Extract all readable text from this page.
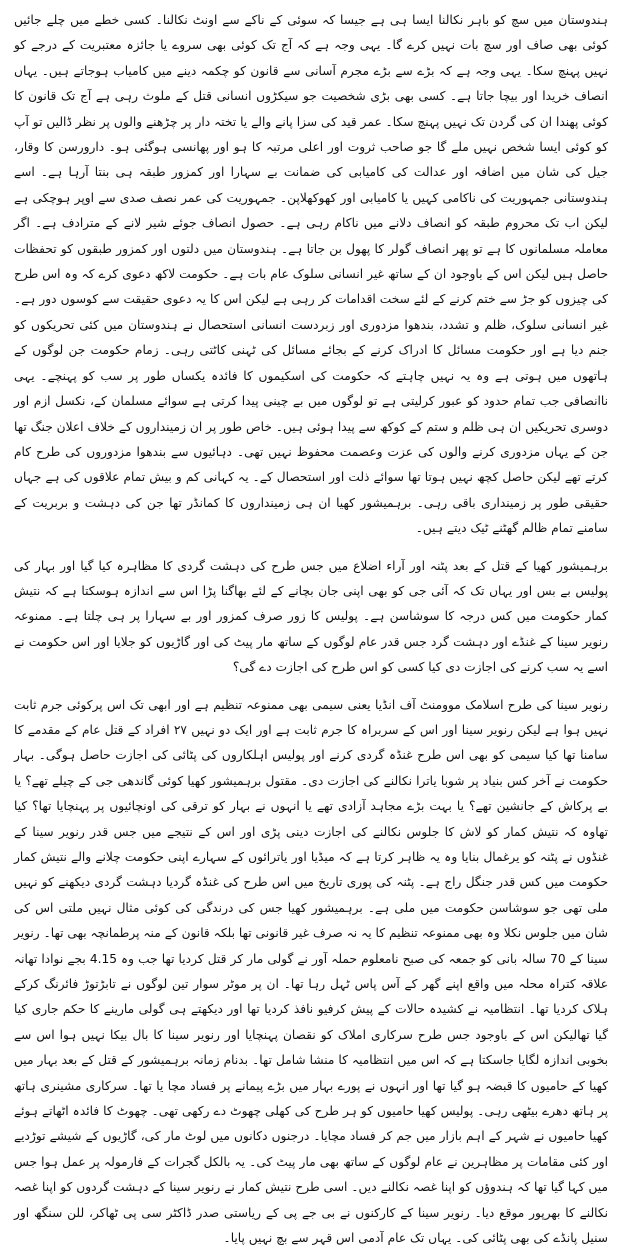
ہندوستان میں سچ کو باہر نکالنا ایسا ہی ہے جیسا کہ سوئی کے ناکے سے اونٹ نکالنا۔ کسی خطے میں چلے جائیں کوئی بھی صاف اور سچ بات نہیں کرے گا۔ یہی وجہ ہے کہ آج تک کوئی بھی سروے یا جائزہ معتبریت کے درجے کو نہیں پہنچ سکا۔ یہی وجہ ہے کہ بڑے سے بڑے مجرم آسانی سے قانون کو چکمہ دینے میں کامیاب ہوجاتے ہیں۔ یہاں انصاف خریدا اور بیچا جاتا ہے۔ کسی بھی بڑی شخصیت جو سیکڑوں انسانی قتل کے ملوث رہی ہے آج تک قانون کا کوئی پھندا ان کی گردن تک نہیں پہنچ سکا۔ عمر قید کی سزا پانے والے یا تختہ دار پر چڑھنے والوں پر نظر ڈالیں تو آپ کو کوئی ایسا شخص نہیں ملے گا جو صاحب ثروت اور اعلی مرتبہ کا ہو اور پھانسی ہوگئی ہو۔ دارورسن کا وقار، جیل کی شان میں اضافہ اور عدالت کی کامیابی کی ضمانت بے سہارا اور کمزور طبقہ ہی بنتا آرہا ہے۔ اسے ہندوستانی جمہوریت کی ناکامی کہیں یا کامیابی اور کھوکھلاپن۔ جمہوریت کی عمر نصف صدی سے اوپر ہوچکی ہے لیکن اب تک محروم طبقہ کو انصاف دلانے میں ناکام رہی ہے۔ حصول انصاف جوئے شیر لانے کے مترادف ہے۔ اگر معاملہ مسلمانوں کا ہے تو پھر انصاف گولر کا پھول بن جاتا ہے۔ ہندوستان میں دلتوں اور کمزور طبقوں کو تحفظات حاصل ہیں لیکن اس کے باوجود ان کے ساتھ غیر انسانی سلوک عام بات ہے۔ حکومت لاکھ دعوی کرے کہ وہ اس طرح کی چیزوں کو جڑ سے ختم کرنے کے لئے سخت اقدامات کر رہی ہے لیکن اس کا یہ دعوی حقیقت سے کوسوں دور ہے۔ غیر انسانی سلوک، ظلم و تشدد، بندھوا مزدوری اور زبردست انسانی استحصال نے ہندوستان میں کئی تحریکوں کو جنم دیا ہے اور حکومت مسائل کا ادراک کرنے کے بجائے مسائل کی ٹہنی کاٹتی رہی۔ زمام حکومت جن لوگوں کے ہاتھوں میں ہوتی ہے وہ یہ نہیں چاہتے کہ حکومت کی اسکیموں کا فائدہ یکساں طور پر سب کو پہنچے۔ یہی ناانصافی جب تمام حدود کو عبور کرلیتی ہے تو لوگوں میں بے چینی پیدا کرتی ہے سوائے مسلمان کے، نکسل ازم اور دوسری تحریکیں ان ہی ظلم و ستم کے کوکھ سے پیدا ہوئی ہیں۔ خاص طور پر ان زمینداروں کے خلاف اعلان جنگ تھا جن کے یہاں مزدوری کرنے والوں کی عزت وعصمت محفوظ نہیں تھی۔ دہائیوں سے بندھوا مزدوروں کی طرح کام کرتے تھے لیکن حاصل کچھ نہیں ہوتا تھا سوائے ذلت اور استحصال کے۔ یہ کہانی کم و بیش تمام علاقوں کی ہے جہاں حقیقی طور پر زمینداری باقی رہی۔ برہمیشور کھیا ان ہی زمینداروں کا کمانڈر تھا جن کی دہشت و بربریت کے سامنے تمام ظالم گھٹنے ٹیک دیتے ہیں۔

برہمیشور کھیا کے قتل کے بعد پٹنہ اور آراء اضلاع میں جس طرح کی دہشت گردی کا مظاہرہ کیا گیا اور بہار کی پولیس بے بس اور یہاں تک کہ آئی جی کو بھی اپنی جان بچانے کے لئے بھاگنا پڑا اس سے اندازہ ہوسکتا ہے کہ نتیش کمار حکومت میں کس درجہ کا سوشاسن ہے۔ پولیس کا زور صرف کمزور اور بے سہارا پر ہی چلتا ہے۔ ممنوعہ رنویر سینا کے غنڈے اور دہشت گرد جس قدر عام لوگوں کے ساتھ مار پیٹ کی اور گاڑیوں کو جلایا اور اس حکومت نے اسے یہ سب کرنے کی اجازت دی کیا کسی کو اس طرح کی اجازت دے گی؟

رنویر سینا کی طرح اسلامک موومنٹ آف انڈیا یعنی سیمی بھی ممنوعہ تنظیم ہے اور ابھی تک اس پرکوئی جرم ثابت نہیں ہوا ہے لیکن رنویر سینا اور اس کے سربراہ کا جرم ثابت ہے اور ایک دو نہیں ۲۷ افراد کے قتل عام کے مقدمے کا سامنا تھا کیا سیمی کو بھی اس طرح غنڈہ گردی کرنے اور پولیس اہلکاروں کی پٹائی کی اجازت حاصل ہوگی۔ بہار حکومت نے آخر کس بنیاد پر شوبا یاترا نکالنے کی اجازت دی۔ مقتول برہمیشور کھیا کوئی گاندھی جی کے چیلے تھے؟ یا بے پرکاش کے جانشین تھے؟ یا بہت بڑے مجاہد آزادی تھے یا انہوں نے بہار کو ترقی کی اونچائیوں پر پہنچایا تھا؟ کیا تھاوہ کہ نتیش کمار کو لاش کا جلوس نکالنے کی اجازت دینی پڑی اور اس کے نتیجے میں جس قدر رنویر سینا کے غنڈوں نے پٹنہ کو یرغمال بنایا وہ یہ ظاہر کرتا ہے کہ میڈیا اور یاترائوں کے سہارے اپنی حکومت چلانے والے نتیش کمار حکومت میں کس قدر جنگل راج ہے۔ پٹنہ کی پوری تاریخ میں اس طرح کی غنڈہ گردیا دہشت گردی دیکھنے کو نہیں ملی تھی جو سوشاسن حکومت میں ملی ہے۔ برہمیشور کھیا جس کی درندگی کی کوئی مثال نہیں ملتی اس کی شان میں جلوس نکلا وہ بھی ممنوعہ تنظیم کا یہ نہ صرف غیر قانونی تھا بلکہ قانون کے منہ پرطمانچہ بھی تھا۔ رنویر سینا کے 70 سالہ بانی کو جمعہ کی صبح نامعلوم حملہ آور نے گولی مار کر قتل کردیا تھا جب وہ 4.15 بجے نوادا تھانہ علاقہ کتراہ محلہ میں واقع اپنے گھر کے آس پاس ٹہل رہا تھا۔ ان پر موٹر سوار تین لوگوں نے تابڑتوڑ فائرنگ کرکے ہلاک کردیا تھا۔ انتظامیہ نے کشیدہ حالات کے پیش کرفیو نافذ کردیا تھا اور دیکھتے ہی گولی مارینے کا حکم جاری کیا گیا تھالیکن اس کے باوجود جس طرح سرکاری املاک کو نقصان پہنچایا اور رنویر سینا کا بال بیکا نہیں ہوا اس سے بخوبی اندازہ لگایا جاسکتا ہے کہ اس میں انتظامیہ کا منشا شامل تھا۔ بدنام زمانہ برہمیشور کے قتل کے بعد بہار میں کھیا کے حامیوں کا قبضہ ہو گیا تھا اور انہوں نے پورے بہار میں بڑے پیمانے پر فساد مچا یا تھا۔ سرکاری مشینری ہاتھ پر ہاتھ دھرے بیٹھی رہی۔ پولیس کھیا حامیوں کو ہر طرح کی کھلی چھوٹ دے رکھی تھی۔ چھوٹ کا فائدہ اٹھاتے ہوئے کھیا حامیوں نے شہر کے اہم بازار میں جم کر فساد مچایا۔ درجنوں دکانوں میں لوٹ مار کی، گاڑیوں کے شیشے توڑدیے اور کئی مقامات پر مظاہرین نے عام لوگوں کے ساتھ بھی مار پیٹ کی۔ یہ بالکل گجرات کے فارمولہ پر عمل ہوا جس میں کہا گیا تھا کہ ہندوؤں کو اپنا غصہ نکالنے دیں۔ اسی طرح نتیش کمار نے رنویر سینا کے دہشت گردوں کو اپنا غصہ نکالنے کا بھرپور موقع دیا۔ رنویر سینا کے کارکنوں نے بی جے پی کے ریاستی صدر ڈاکٹر سی پی ٹھاکر، للن سنگھ اور سنیل پانڈے کی بھی پٹائی کی۔ یہاں تک عام آدمی اس قہر سے بچ نہیں پایا۔
